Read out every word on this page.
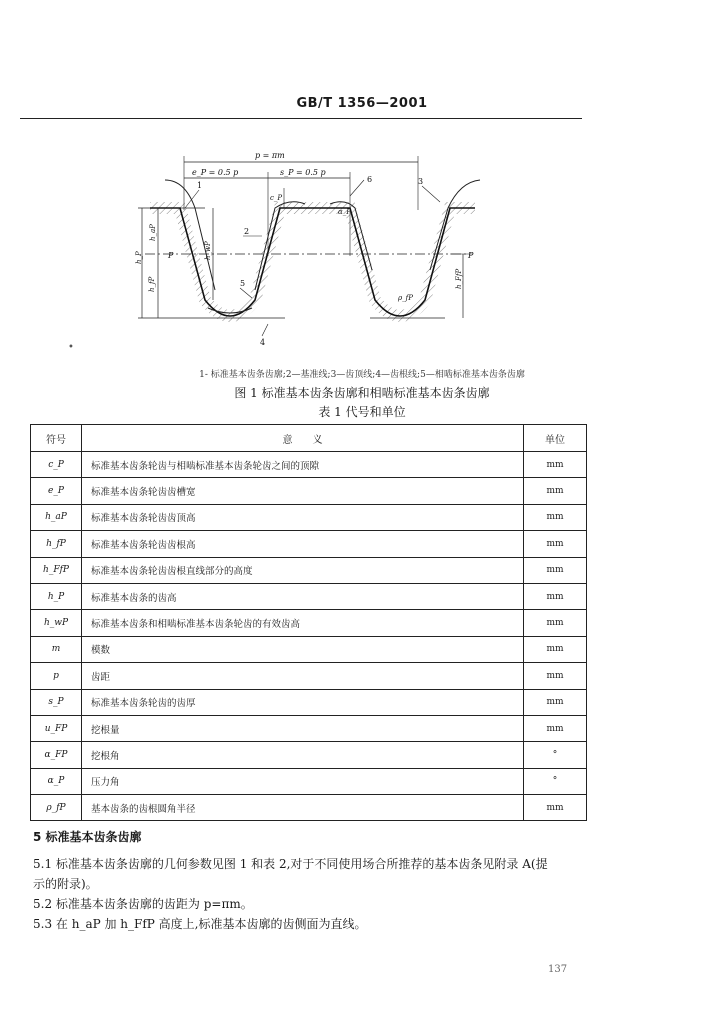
GB/T 1356—2001
p = πm
e_P = 0.5 p	s_P = 0.5 p
h_P
h_aP
h_fP
h_wP
P
c_P
α_P
P
h_FfP
ρ_fP
1
2
3
4
5
6
•
1- 标准基本齿条齿廓;2—基准线;3—齿顶线;4—齿根线;5—相啮标准基本齿条齿廓
图 1 标准基本齿条齿廓和相啮标准基本齿条齿廓
表 1 代号和单位
符号	意　　义	单位
c_P	标准基本齿条轮齿与相啮标准基本齿条轮齿之间的顶隙	mm
e_P	标准基本齿条轮齿齿槽宽	mm
h_aP	标准基本齿条轮齿齿顶高	mm
h_fP	标准基本齿条轮齿齿根高	mm
h_FfP	标准基本齿条轮齿齿根直线部分的高度	mm
h_P	标准基本齿条的齿高	mm
h_wP	标准基本齿条和相啮标准基本齿条轮齿的有效齿高	mm
m	模数	mm
p	齿距	mm
s_P	标准基本齿条轮齿的齿厚	mm
u_FP	挖根量	mm
α_FP	挖根角	°
α_P	压力角	°
ρ_fP	基本齿条的齿根圆角半径	mm
5 标准基本齿条齿廓
5.1 标准基本齿条齿廓的几何参数见图 1 和表 2,对于不同使用场合所推荐的基本齿条见附录 A(提
示的附录)。
5.2 标准基本齿条齿廓的齿距为 p=πm。
5.3 在 h_aP 加 h_FfP 高度上,标准基本齿廓的齿侧面为直线。
137
